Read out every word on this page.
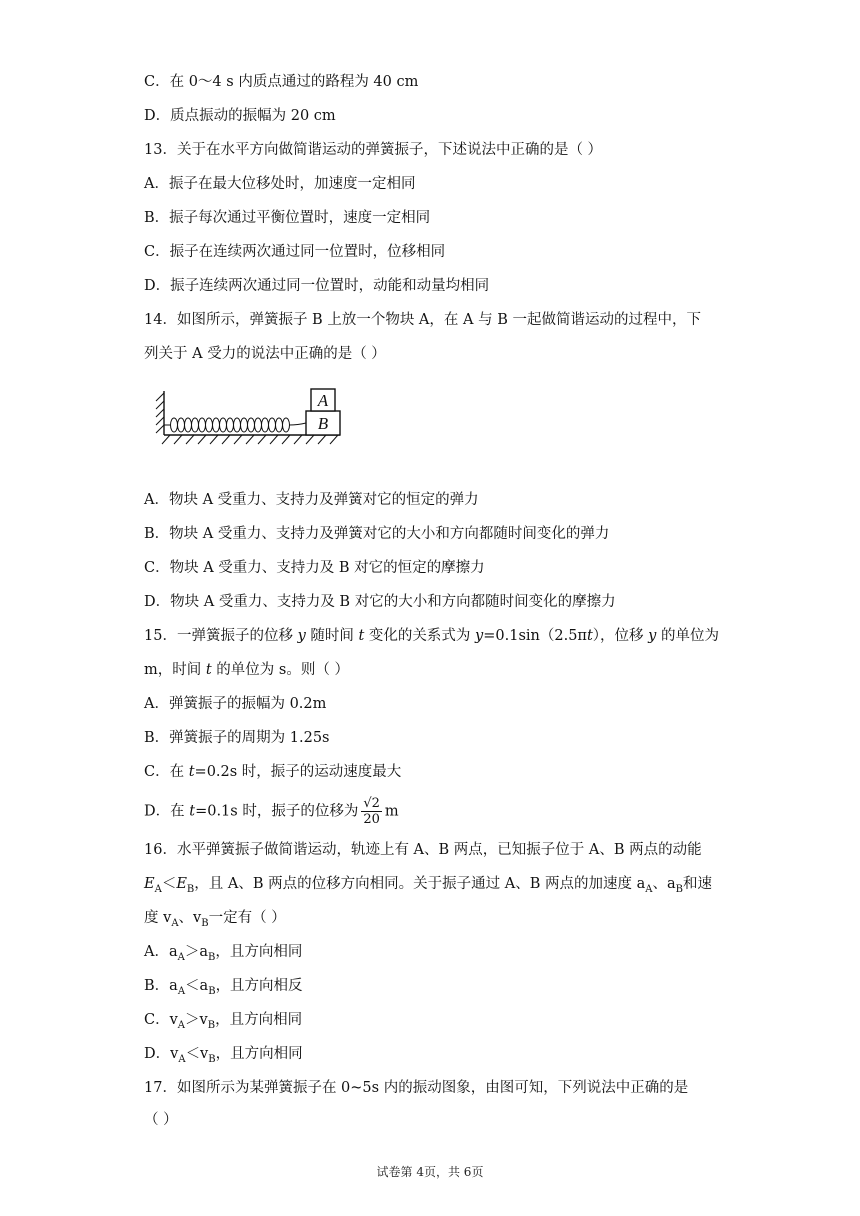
C．在 0～4 s 内质点通过的路程为 40 cm
D．质点振动的振幅为 20 cm
13．关于在水平方向做简谐运动的弹簧振子，下述说法中正确的是（ ）
A．振子在最大位移处时，加速度一定相同
B．振子每次通过平衡位置时，速度一定相同
C．振子在连续两次通过同一位置时，位移相同
D．振子连续两次通过同一位置时，动能和动量均相同
14．如图所示，弹簧振子 B 上放一个物块 A，在 A 与 B 一起做简谐运动的过程中，下
列关于 A 受力的说法中正确的是（ ）
B
A
A．物块 A 受重力、支持力及弹簧对它的恒定的弹力
B．物块 A 受重力、支持力及弹簧对它的大小和方向都随时间变化的弹力
C．物块 A 受重力、支持力及 B 对它的恒定的摩擦力
D．物块 A 受重力、支持力及 B 对它的大小和方向都随时间变化的摩擦力
15．一弹簧振子的位移 y 随时间 t 变化的关系式为 y=0.1sin（2.5πt），位移 y 的单位为
m，时间 t 的单位为 s。则（ ）
A．弹簧振子的振幅为 0.2m
B．弹簧振子的周期为 1.25s
C．在 t=0.2s 时，振子的运动速度最大
D．在 t=0.1s 时，振子的位移为 $\frac{√2}{20}$ m
16．水平弹簧振子做简谐运动，轨迹上有 A、B 两点，已知振子位于 A、B 两点的动能
$E_A<E_B$，且 A、B 两点的位移方向相同。关于振子通过 A、B 两点的加速度 $a_A$、$a_B$和速
度 $v_A$、$v_B$一定有（ ）
A．$a_A>a_B$，且方向相同
B．$a_A<a_B$，且方向相反
C．$v_A>v_B$，且方向相同
D．$v_A<v_B$，且方向相同
17．如图所示为某弹簧振子在 0~5s 内的振动图象，由图可知，下列说法中正确的是
（ ）
试卷第 4页，共 6页
